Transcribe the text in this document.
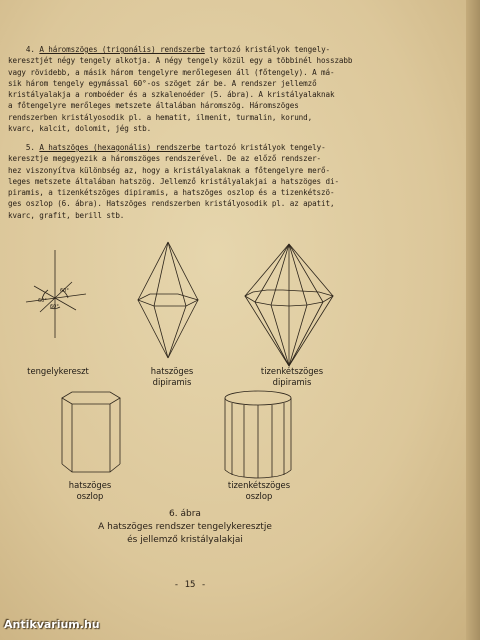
4. A háromszöges (trigonális) rendszerbe tartozó kristályok tengely-

keresztjét négy tengely alkotja. A négy tengely közül egy a többinél hosszabb

vagy rövidebb, a másik három tengelyre merőlegesen áll (főtengely). A má-

sik három tengely egymással 60°-os szöget zár be. A rendszer jellemző

kristályalakja a romboéder és a szkalenoéder (5. ábra). A kristályalaknak

a főtengelyre merőleges metszete általában háromszög. Háromszöges

rendszerben kristályosodik pl. a hematit, ilmenit, turmalin, korund,

kvarc, kalcit, dolomit, jég stb.

5. A hatszöges (hexagonális) rendszerbe tartozó kristályok tengely-

keresztje megegyezik a háromszöges rendszerével. De az előző rendszer-

hez viszonyítva különbség az, hogy a kristályalaknak a főtengelyre merő-

leges metszete általában hatszög. Jellemző kristályalakjai a hatszöges di-

piramis, a tizenkétszöges dipiramis, a hatszöges oszlop és a tizenkétszö-

ges oszlop (6. ábra). Hatszöges rendszerben kristályosodik pl. az apatit,

kvarc, grafit, berill stb.

60°
60°
60°
tengelykereszt	hatszöges
dipiramis
tizenkétszöges
dipiramis
hatszöges
oszlop
tizenkétszöges
oszlop
6. ábra
A hatszöges rendszer tengelykeresztje
és jellemző kristályalakjai
- 15 -
Antikvarium.hu
